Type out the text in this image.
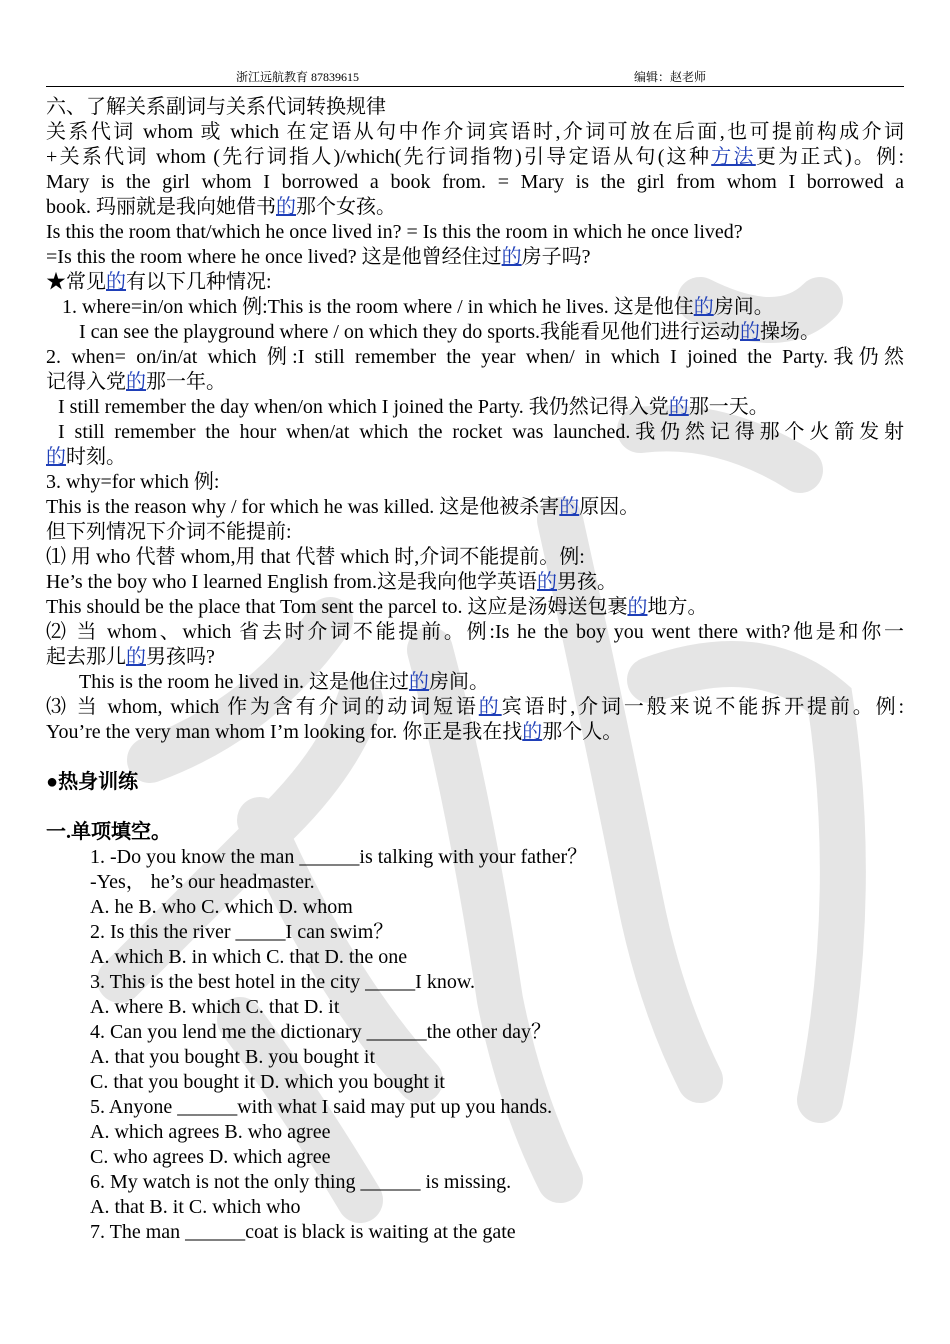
浙江远航教育 87839615	编辑：赵老师
六、了解关系副词与关系代词转换规律
关系代词 whom 或 which 在定语从句中作介词宾语时,介词可放在后面,也可提前构成介词
+关系代词 whom (先行词指人)/which(先行词指物)引导定语从句(这种方法更为正式)。例:
Mary is the girl whom I borrowed a book from. = Mary is the girl from whom I borrowed a
book. 玛丽就是我向她借书的那个女孩。
Is this the room that/which he once lived in? = Is this the room in which he once lived?
=Is this the room where he once lived? 这是他曾经住过的房子吗?
★常见的有以下几种情况:
1. where=in/on which 例:This is the room where / in which he lives. 这是他住的房间。
I can see the playground where / on which they do sports.我能看见他们进行运动的操场。
2. when= on/in/at which 例:I still remember the year when/ in which I joined the Party.我仍然
记得入党的那一年。
I still remember the day when/on which I joined the Party. 我仍然记得入党的那一天。
I still remember the hour when/at which the rocket was launched.我仍然记得那个火箭发射
的时刻。
3. why=for which 例:
This is the reason why / for which he was killed. 这是他被杀害的原因。
但下列情况下介词不能提前:
⑴ 用 who 代替 whom,用 that 代替 which 时,介词不能提前。例:
He’s the boy who I learned English from.这是我向他学英语的男孩。
This should be the place that Tom sent the parcel to. 这应是汤姆送包裹的地方。
⑵ 当 whom、which 省去时介词不能提前。例:Is he the boy you went there with?他是和你一
起去那儿的男孩吗?
This is the room he lived in. 这是他住过的房间。
⑶ 当 whom, which 作为含有介词的动词短语的宾语时,介词一般来说不能拆开提前。例:
You’re the very man whom I’m looking for. 你正是我在找的那个人。
●热身训练
一.单项填空。
1. -Do you know the man ______is talking with your father？
-Yes， he’s our headmaster.
A. he B. who C. which D. whom
2. Is this the river _____I can swim？
A. which B. in which C. that D. the one
3. This is the best hotel in the city _____I know.
A. where B. which C. that D. it
4. Can you lend me the dictionary ______the other day？
A. that you bought B. you bought it
C. that you bought it D. which you bought it
5. Anyone ______with what I said may put up you hands.
A. which agrees B. who agree
C. who agrees D. which agree
6. My watch is not the only thing ______ is missing.
A. that B. it C. which who
7. The man ______coat is black is waiting at the gate
